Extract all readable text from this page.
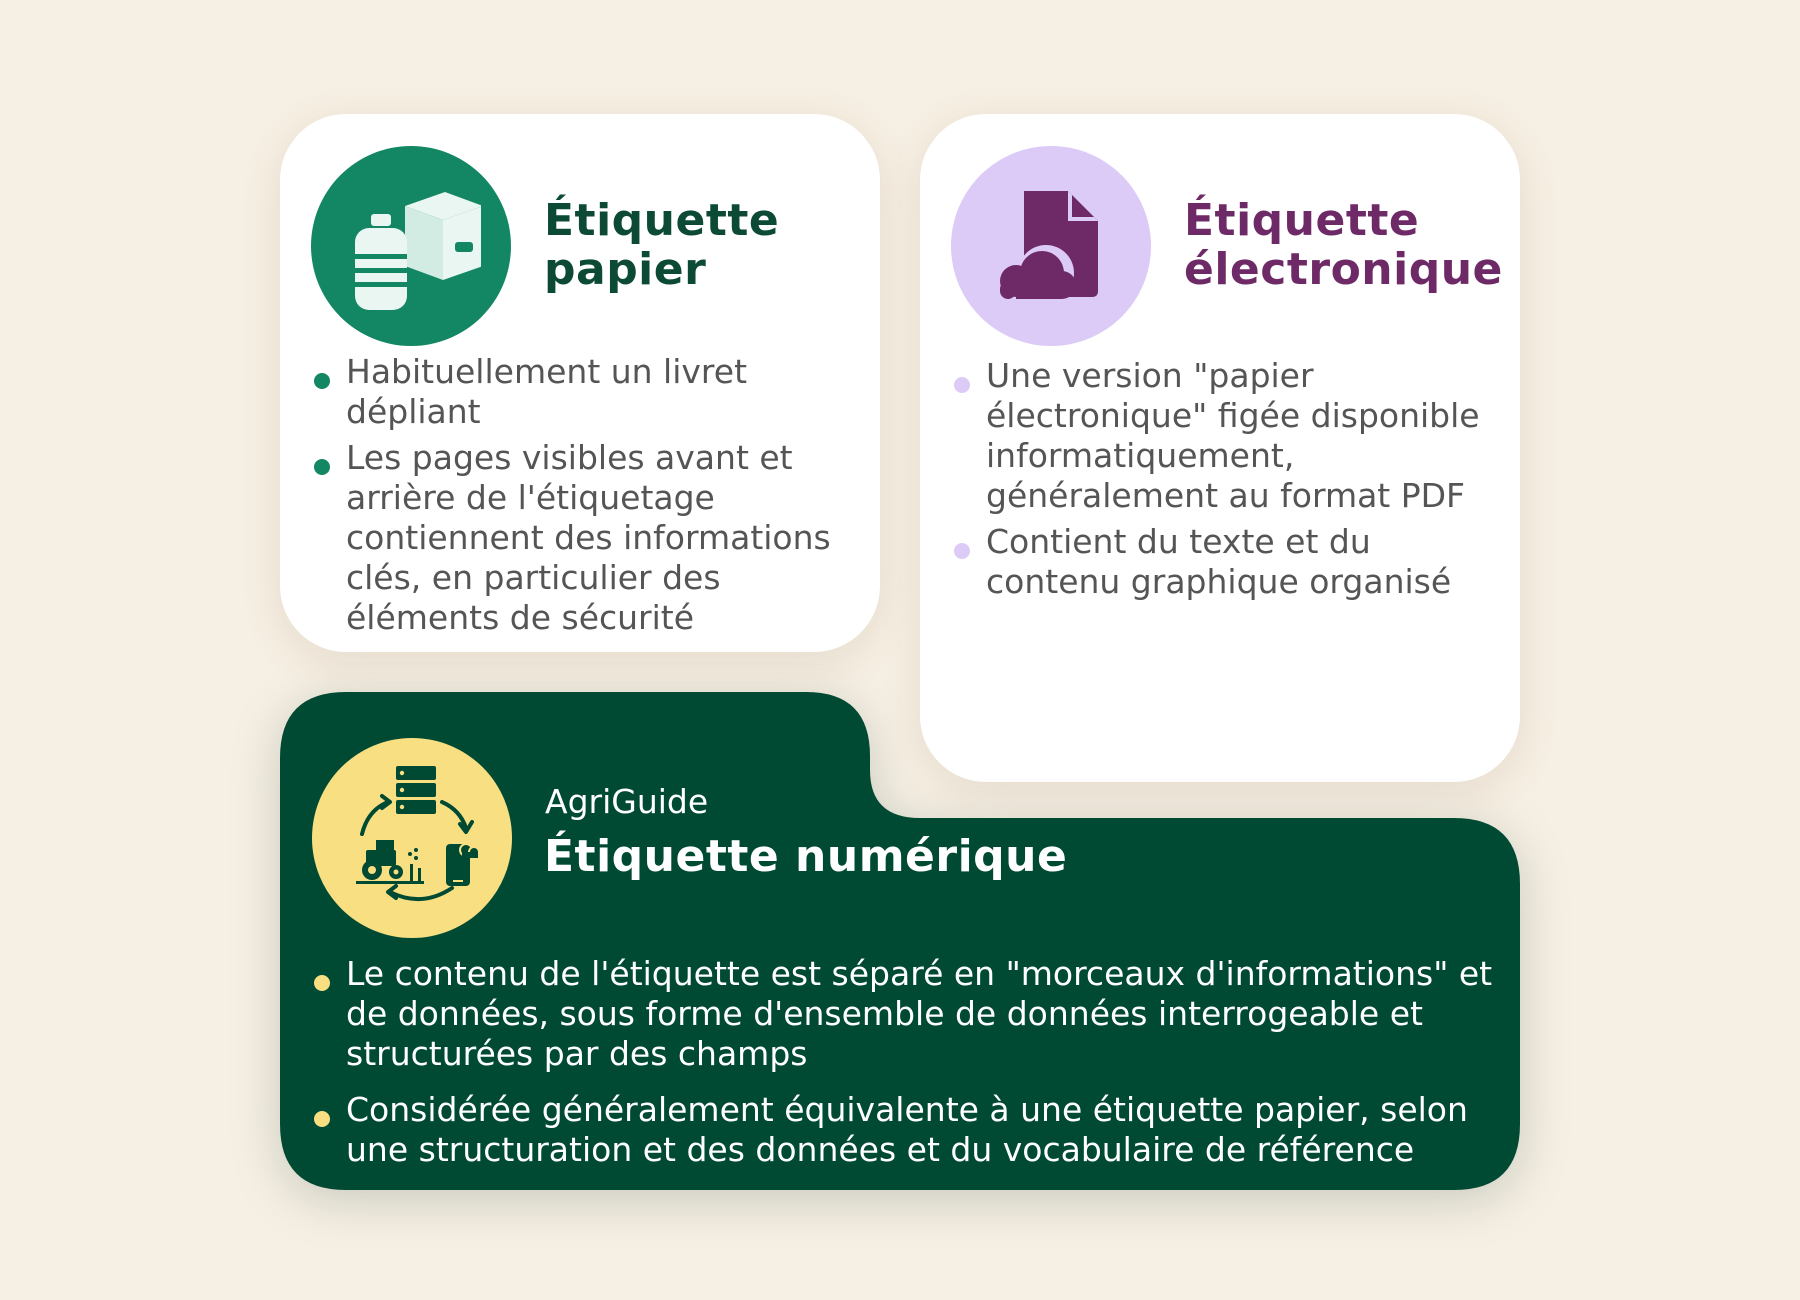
Étiquette papier
Habituellement un livret dépliant
Les pages visibles avant et arrière de l'étiquetage contiennent des informations clés, en particulier des éléments de sécurité
Étiquette électronique
Une version "papier électronique" figée disponible informatiquement, généralement au format PDF
Contient du texte et du contenu graphique organisé
AgriGuide
Étiquette numérique
Le contenu de l'étiquette est séparé en "morceaux d'informations" et de données, sous forme d'ensemble de données interrogeable et structurées par des champs
Considérée généralement équivalente à une étiquette papier, selon une structuration et des données et du vocabulaire de référence
